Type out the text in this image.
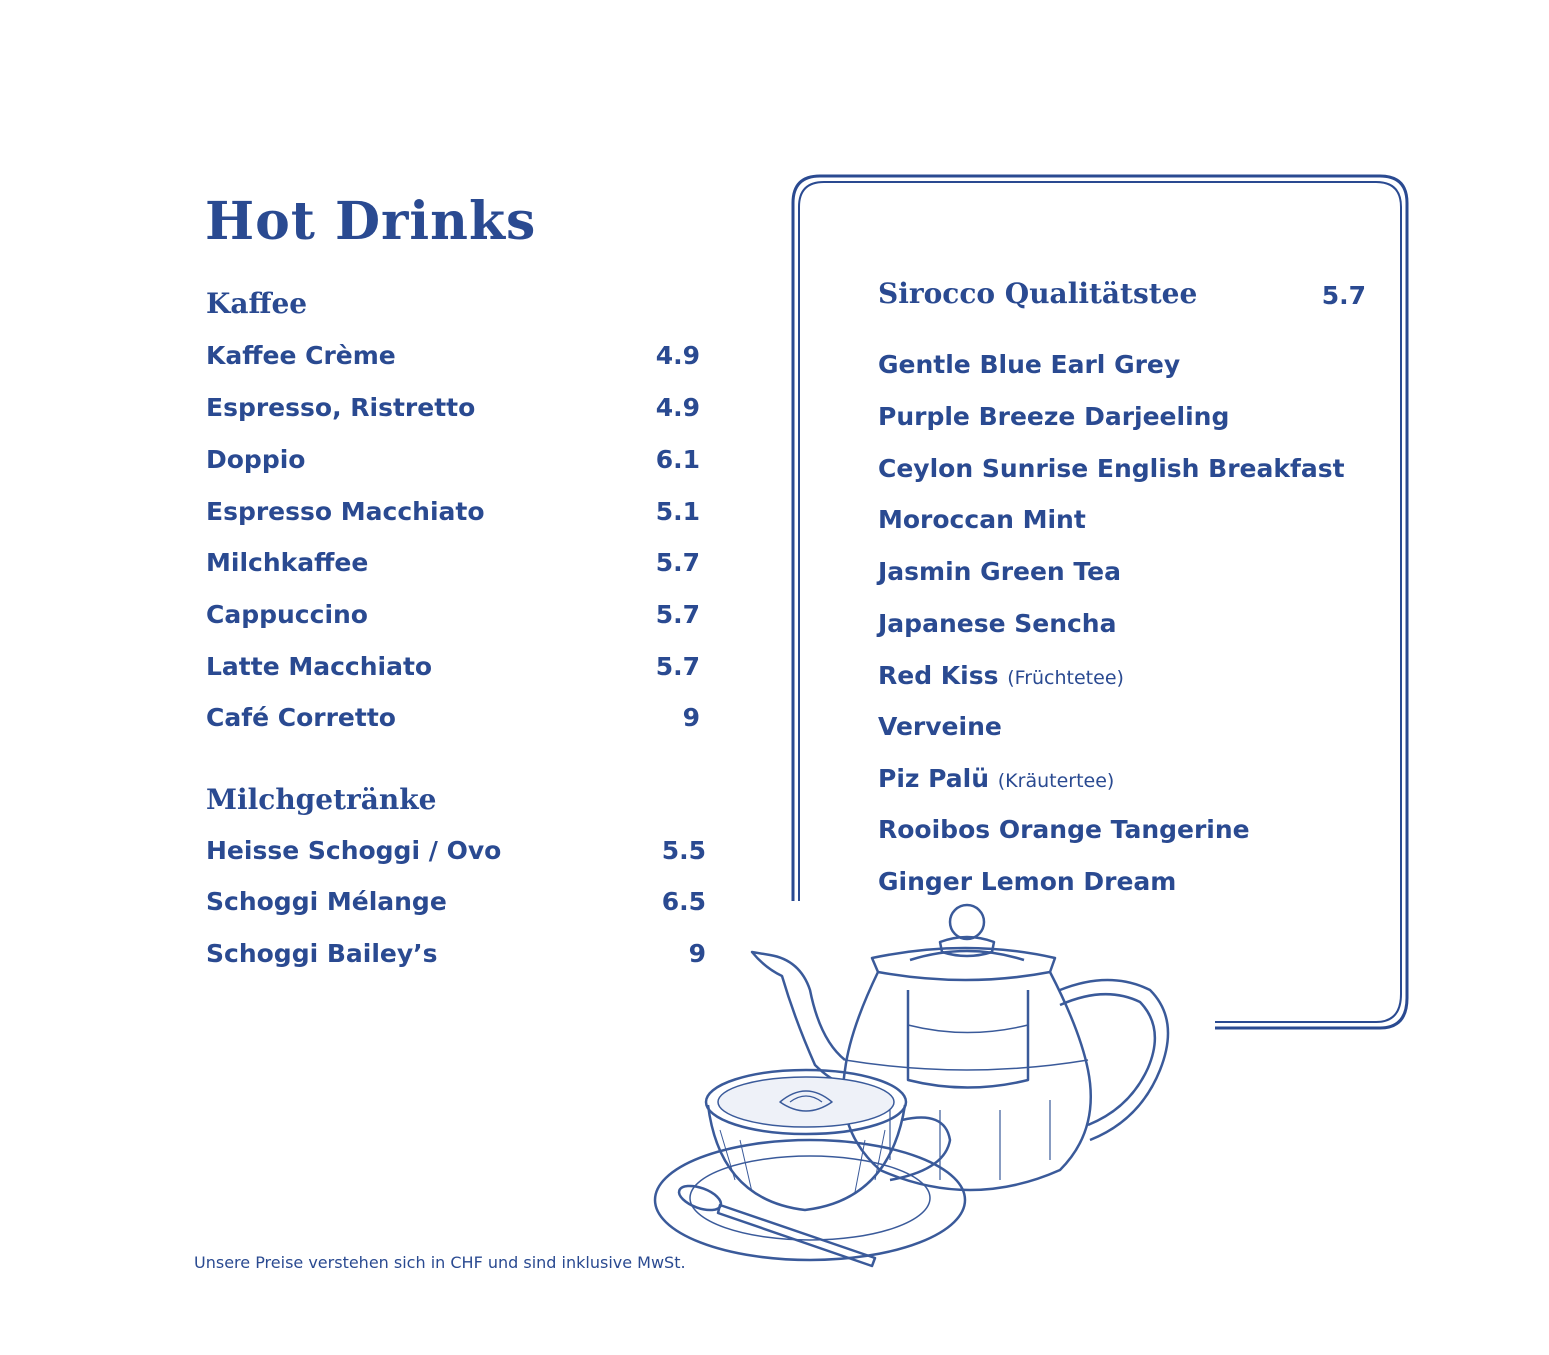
Hot Drinks
Kaffee
Kaffee Crème	4.9
Espresso, Ristretto	4.9
Doppio	6.1
Espresso Macchiato	5.1
Milchkaffee	5.7
Cappuccino	5.7
Latte Macchiato	5.7
Café Corretto	9
Milchgetränke
Heisse Schoggi / Ovo	5.5
Schoggi Mélange	6.5
Schoggi Bailey’s	9
Sirocco Qualitätstee	5.7
Gentle Blue Earl Grey
Purple Breeze Darjeeling
Ceylon Sunrise English Breakfast
Moroccan Mint
Jasmin Green Tea
Japanese Sencha
Red Kiss (Früchtetee)
Verveine
Piz Palü (Kräutertee)
Rooibos Orange Tangerine
Ginger Lemon Dream
Unsere Preise verstehen sich in CHF und sind inklusive MwSt.
